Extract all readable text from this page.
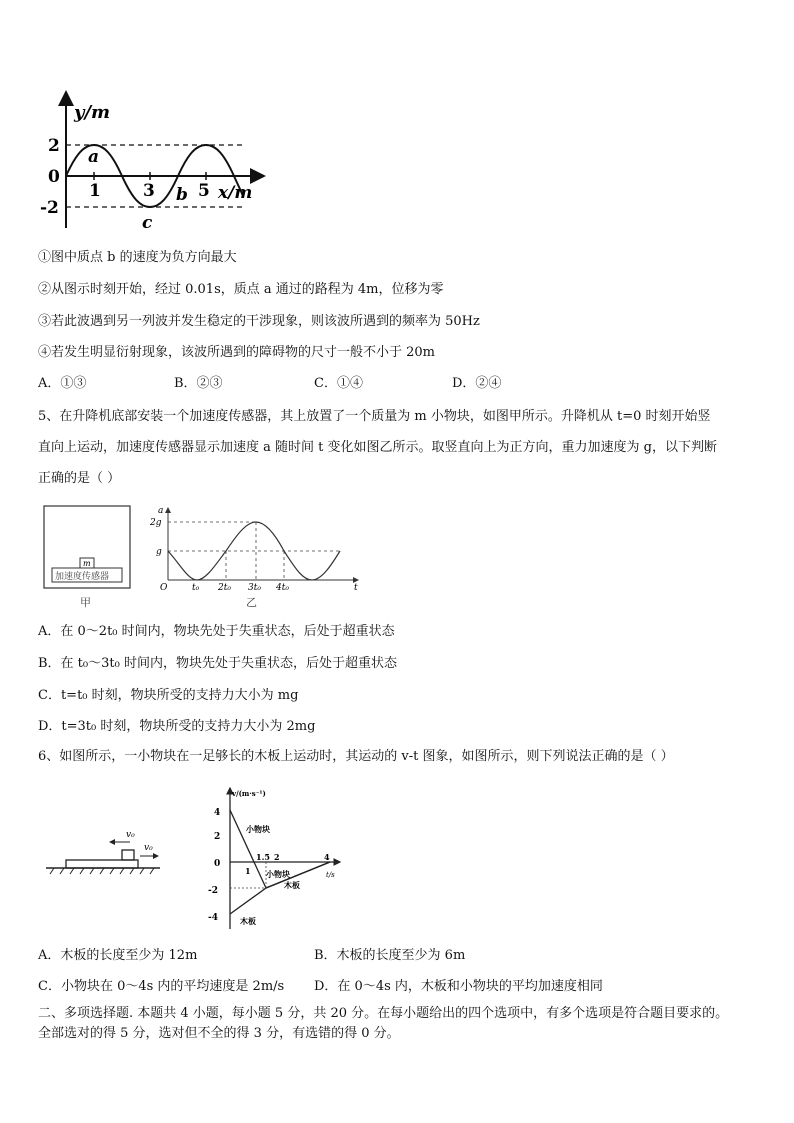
y/m
x/m
2
0
-2
1 3	5
a
b
c
①图中质点 b 的速度为负方向最大
②从图示时刻开始，经过 0.01s，质点 a 通过的路程为 4m，位移为零
③若此波遇到另一列波并发生稳定的干涉现象，则该波所遇到的频率为 50Hz
④若发生明显衍射现象，该波所遇到的障碍物的尺寸一般不小于 20m
A．①③	B．②③	C．①④	D．②④
5、在升降机底部安装一个加速度传感器，其上放置了一个质量为 m 小物块，如图甲所示。升降机从 t=0 时刻开始竖
直向上运动，加速度传感器显示加速度 a 随时间 t 变化如图乙所示。取竖直向上为正方向，重力加速度为 g，以下判断
正确的是（ ）
m
加速度传感器
甲
a
2g
g
O	t₀ 2t₀ 3t₀ 4t₀	t
乙
A．在 0～2t₀ 时间内，物块先处于失重状态，后处于超重状态
B．在 t₀～3t₀ 时间内，物块先处于失重状态，后处于超重状态
C．t=t₀ 时刻，物块所受的支持力大小为 mg
D．t=3t₀ 时刻，物块所受的支持力大小为 2mg
6、如图所示，一小物块在一足够长的木板上运动时，其运动的 v-t 图象，如图所示，则下列说法正确的是（ ）
v₀
v₀
v/(m·s⁻¹)
t/s
4
2
0
-2
-4
1
1.5 2	4
小物块
小物块
木板
木板
A．木板的长度至少为 12m	B．木板的长度至少为 6m
C．小物块在 0～4s 内的平均速度是 2m/s D．在 0～4s 内，木板和小物块的平均加速度相同
二、多项选择题. 本题共 4 小题，每小题 5 分，共 20 分。在每小题给出的四个选项中，有多个选项是符合题目要求的。
全部选对的得 5 分，选对但不全的得 3 分，有选错的得 0 分。
